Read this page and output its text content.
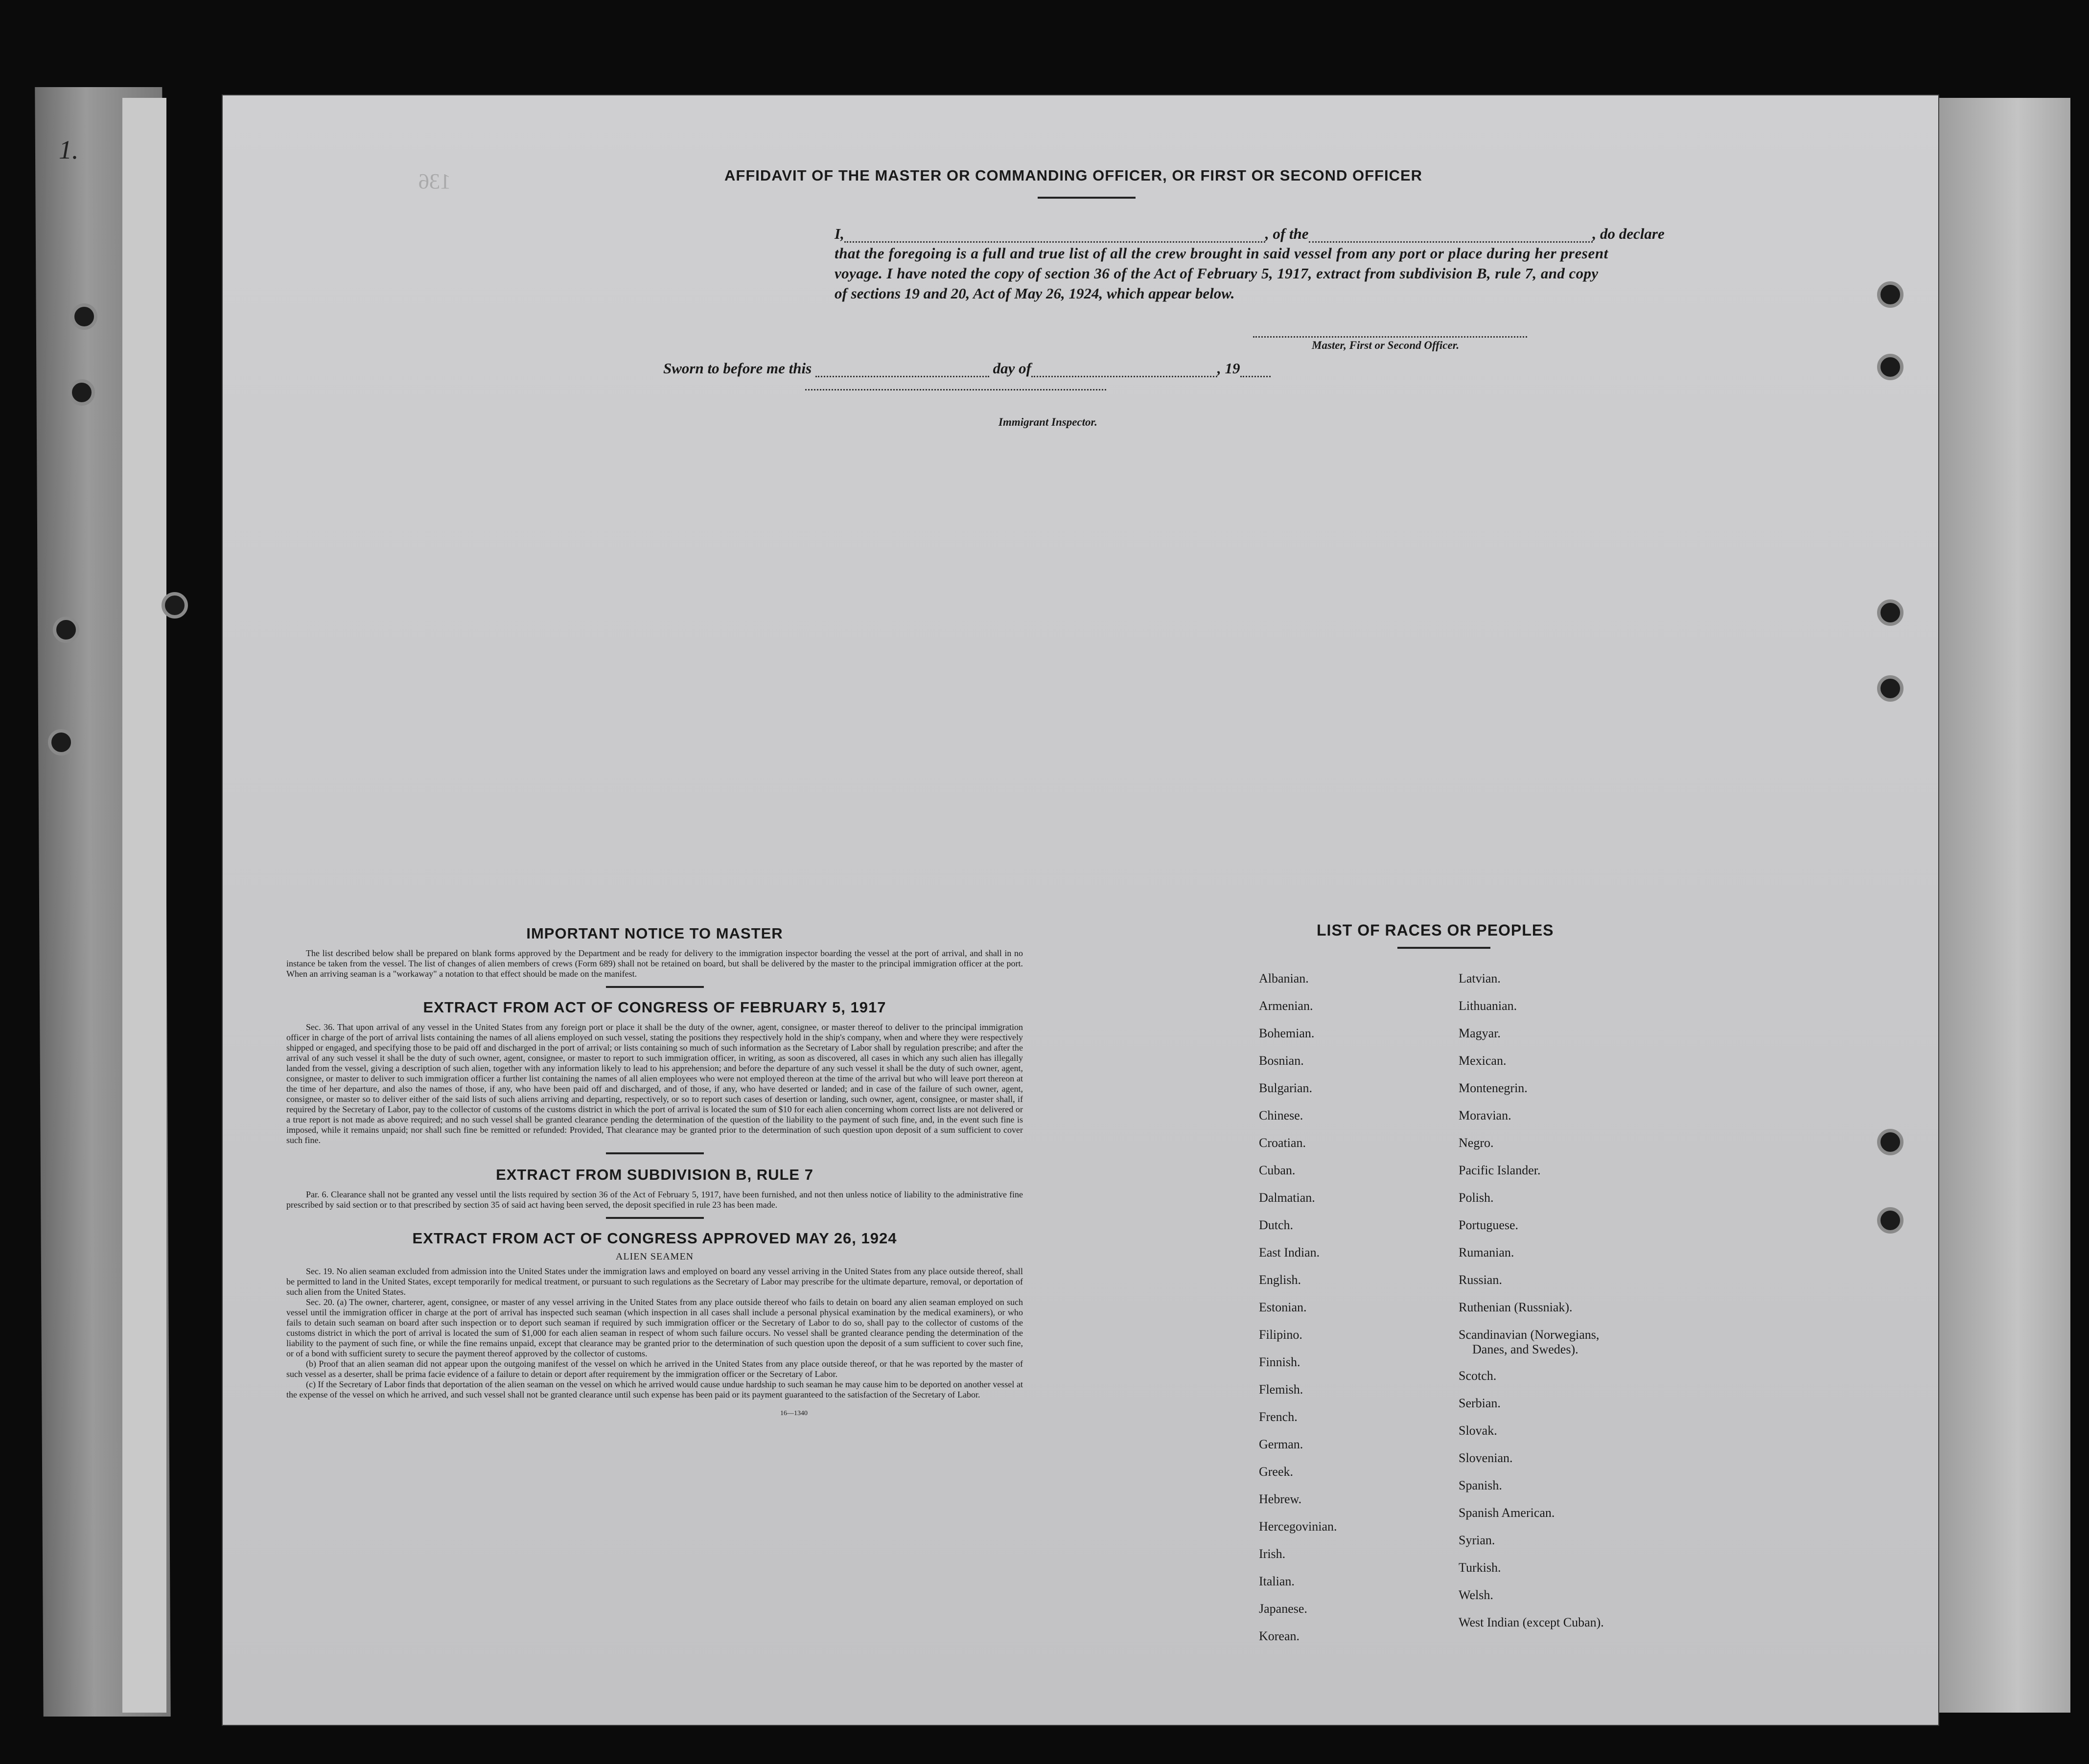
1.
136	AFFIDAVIT OF THE MASTER OR COMMANDING OFFICER, OR FIRST OR SECOND OFFICER
I,	, of the	, do declare
that the foregoing is a full and true list of all the crew brought in said vessel from any port or place during her present
voyage. I have noted the copy of section 36 of the Act of February 5, 1917, extract from subdivision B, rule 7, and copy
of sections 19 and 20, Act of May 26, 1924, which appear below.
Master, First or Second Officer.
Sworn to before me this	day of	, 19
Immigrant Inspector.
IMPORTANT NOTICE TO MASTER
The list described below shall be prepared on blank forms approved by the Department and be ready for delivery to the immigration inspector boarding the vessel at the port of arrival, and shall in no instance be taken from the vessel. The list of changes of alien members of crews (Form 689) shall not be retained on board, but shall be delivered by the master to the principal immigration officer at the port. When an arriving seaman is a "workaway" a notation to that effect should be made on the manifest.
EXTRACT FROM ACT OF CONGRESS OF FEBRUARY 5, 1917
Sec. 36. That upon arrival of any vessel in the United States from any foreign port or place it shall be the duty of the owner, agent, consignee, or master thereof to deliver to the principal immigration officer in charge of the port of arrival lists containing the names of all aliens employed on such vessel, stating the positions they respectively hold in the ship's company, when and where they were respectively shipped or engaged, and specifying those to be paid off and discharged in the port of arrival; or lists containing so much of such information as the Secretary of Labor shall by regulation prescribe; and after the arrival of any such vessel it shall be the duty of such owner, agent, consignee, or master to report to such immigration officer, in writing, as soon as discovered, all cases in which any such alien has illegally landed from the vessel, giving a description of such alien, together with any information likely to lead to his apprehension; and before the departure of any such vessel it shall be the duty of such owner, agent, consignee, or master to deliver to such immigration officer a further list containing the names of all alien employees who were not employed thereon at the time of the arrival but who will leave port thereon at the time of her departure, and also the names of those, if any, who have been paid off and discharged, and of those, if any, who have deserted or landed; and in case of the failure of such owner, agent, consignee, or master so to deliver either of the said lists of such aliens arriving and departing, respectively, or so to report such cases of desertion or landing, such owner, agent, consignee, or master shall, if required by the Secretary of Labor, pay to the collector of customs of the customs district in which the port of arrival is located the sum of $10 for each alien concerning whom correct lists are not delivered or a true report is not made as above required; and no such vessel shall be granted clearance pending the determination of the question of the liability to the payment of such fine, and, in the event such fine is imposed, while it remains unpaid; nor shall such fine be remitted or refunded: Provided, That clearance may be granted prior to the determination of such question upon deposit of a sum sufficient to cover such fine.
EXTRACT FROM SUBDIVISION B, RULE 7
Par. 6. Clearance shall not be granted any vessel until the lists required by section 36 of the Act of February 5, 1917, have been furnished, and not then unless notice of liability to the administrative fine prescribed by said section or to that prescribed by section 35 of said act having been served, the deposit specified in rule 23 has been made.
EXTRACT FROM ACT OF CONGRESS APPROVED MAY 26, 1924
ALIEN SEAMEN
Sec. 19. No alien seaman excluded from admission into the United States under the immigration laws and employed on board any vessel arriving in the United States from any place outside thereof, shall be permitted to land in the United States, except temporarily for medical treatment, or pursuant to such regulations as the Secretary of Labor may prescribe for the ultimate departure, removal, or deportation of such alien from the United States.
Sec. 20. (a) The owner, charterer, agent, consignee, or master of any vessel arriving in the United States from any place outside thereof who fails to detain on board any alien seaman employed on such vessel until the immigration officer in charge at the port of arrival has inspected such seaman (which inspection in all cases shall include a personal physical examination by the medical examiners), or who fails to detain such seaman on board after such inspection or to deport such seaman if required by such immigration officer or the Secretary of Labor to do so, shall pay to the collector of customs of the customs district in which the port of arrival is located the sum of $1,000 for each alien seaman in respect of whom such failure occurs. No vessel shall be granted clearance pending the determination of the liability to the payment of such fine, or while the fine remains unpaid, except that clearance may be granted prior to the determination of such question upon the deposit of a sum sufficient to cover such fine, or of a bond with sufficient surety to secure the payment thereof approved by the collector of customs.
(b) Proof that an alien seaman did not appear upon the outgoing manifest of the vessel on which he arrived in the United States from any place outside thereof, or that he was reported by the master of such vessel as a deserter, shall be prima facie evidence of a failure to detain or deport after requirement by the immigration officer or the Secretary of Labor.
(c) If the Secretary of Labor finds that deportation of the alien seaman on the vessel on which he arrived would cause undue hardship to such seaman he may cause him to be deported on another vessel at the expense of the vessel on which he arrived, and such vessel shall not be granted clearance until such expense has been paid or its payment guaranteed to the satisfaction of the Secretary of Labor.
16—1340
LIST OF RACES OR PEOPLES
Albanian.
Armenian.
Bohemian.
Bosnian.
Bulgarian.
Chinese.
Croatian.
Cuban.
Dalmatian.
Dutch.
East Indian.
English.
Estonian.
Filipino.
Finnish.
Flemish.
French.
German.
Greek.
Hebrew.
Hercegovinian.
Irish.
Italian.
Japanese.
Korean.
Latvian.
Lithuanian.
Magyar.
Mexican.
Montenegrin.
Moravian.
Negro.
Pacific Islander.
Polish.
Portuguese.
Rumanian.
Russian.
Ruthenian (Russniak).
Scandinavian (Norwegians,
Danes, and Swedes).
Scotch.
Serbian.
Slovak.
Slovenian.
Spanish.
Spanish American.
Syrian.
Turkish.
Welsh.
West Indian (except Cuban).
